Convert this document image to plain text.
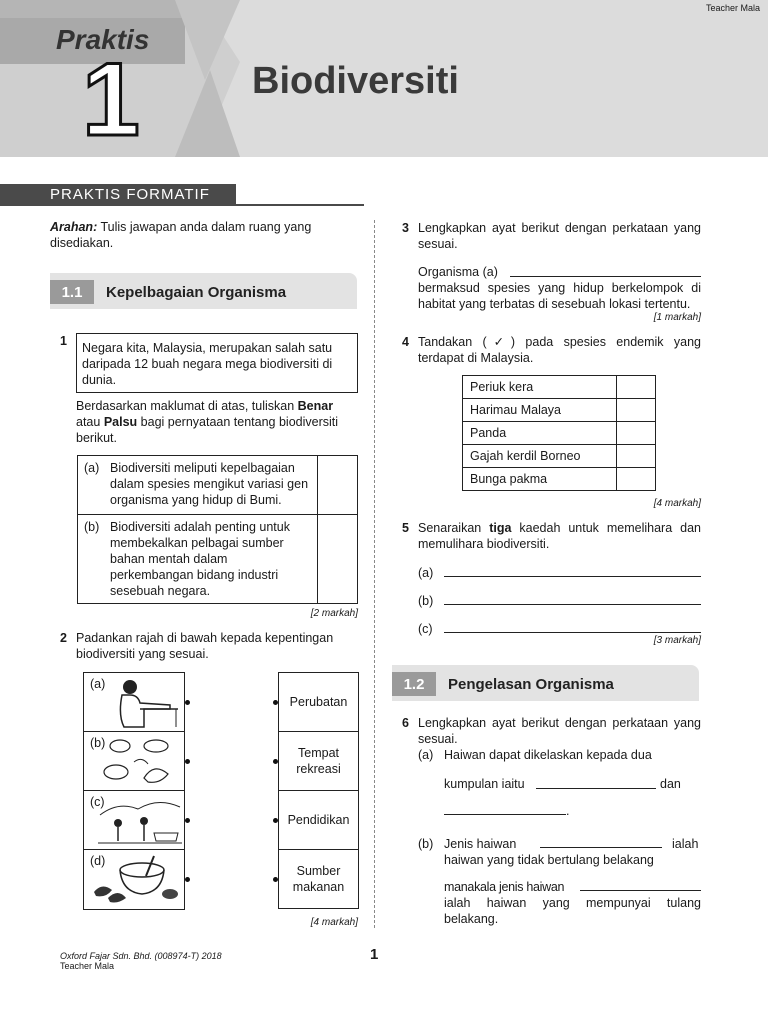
Teacher Mala
Praktis
1	Biodiversiti
PRAKTIS FORMATIF
Arahan: Tulis jawapan anda dalam ruang yang disediakan.
1.1	Kepelbagaian Organisma
1	Negara kita, Malaysia, merupakan salah satu daripada 12 buah negara mega biodiversiti di dunia.
Berdasarkan maklumat di atas, tuliskan Benar atau Palsu bagi pernyataan tentang biodiversiti berikut.
(a) Biodiversiti meliputi kepelbagaian dalam spesies mengikut variasi gen organisma yang hidup di Bumi.	

(b) Biodiversiti adalah penting untuk membekalkan pelbagai sumber bahan mentah dalam perkembangan bidang industri sesebuah negara.	

[2 markah]
2 Padankan rajah di bawah kepada kepentingan biodiversiti yang sesuai.
(a)
(b)
(c)
(d)
Perubatan
Tempat rekreasi
Pendidikan
Sumber makanan
[4 markah]
3 Lengkapkan ayat berikut dengan perkataan yang sesuai.
Organisma (a)
bermaksud spesies yang hidup berkelompok di habitat yang terbatas di sesebuah lokasi tertentu.
[1 markah]
4 Tandakan (✓) pada spesies endemik yang terdapat di Malaysia.
Periuk kera	
Harimau Malaya	
Panda	
Gajah kerdil Borneo	
Bunga pakma	
[4 markah]
5 Senaraikan tiga kaedah untuk memelihara dan memulihara biodiversiti.
(a)
(b)
(c)
[3 markah]
1.2	Pengelasan Organisma
6 Lengkapkan ayat berikut dengan perkataan yang sesuai.
(a) Haiwan dapat dikelaskan kepada dua
kumpulan iaitu	dan
.
(b) Jenis haiwan	ialah
haiwan yang tidak bertulang belakang
manakala jenis haiwan
ialah haiwan yang mempunyai tulang belakang.
Oxford Fajar Sdn. Bhd. (008974-T) 2018
Teacher Mala
1
